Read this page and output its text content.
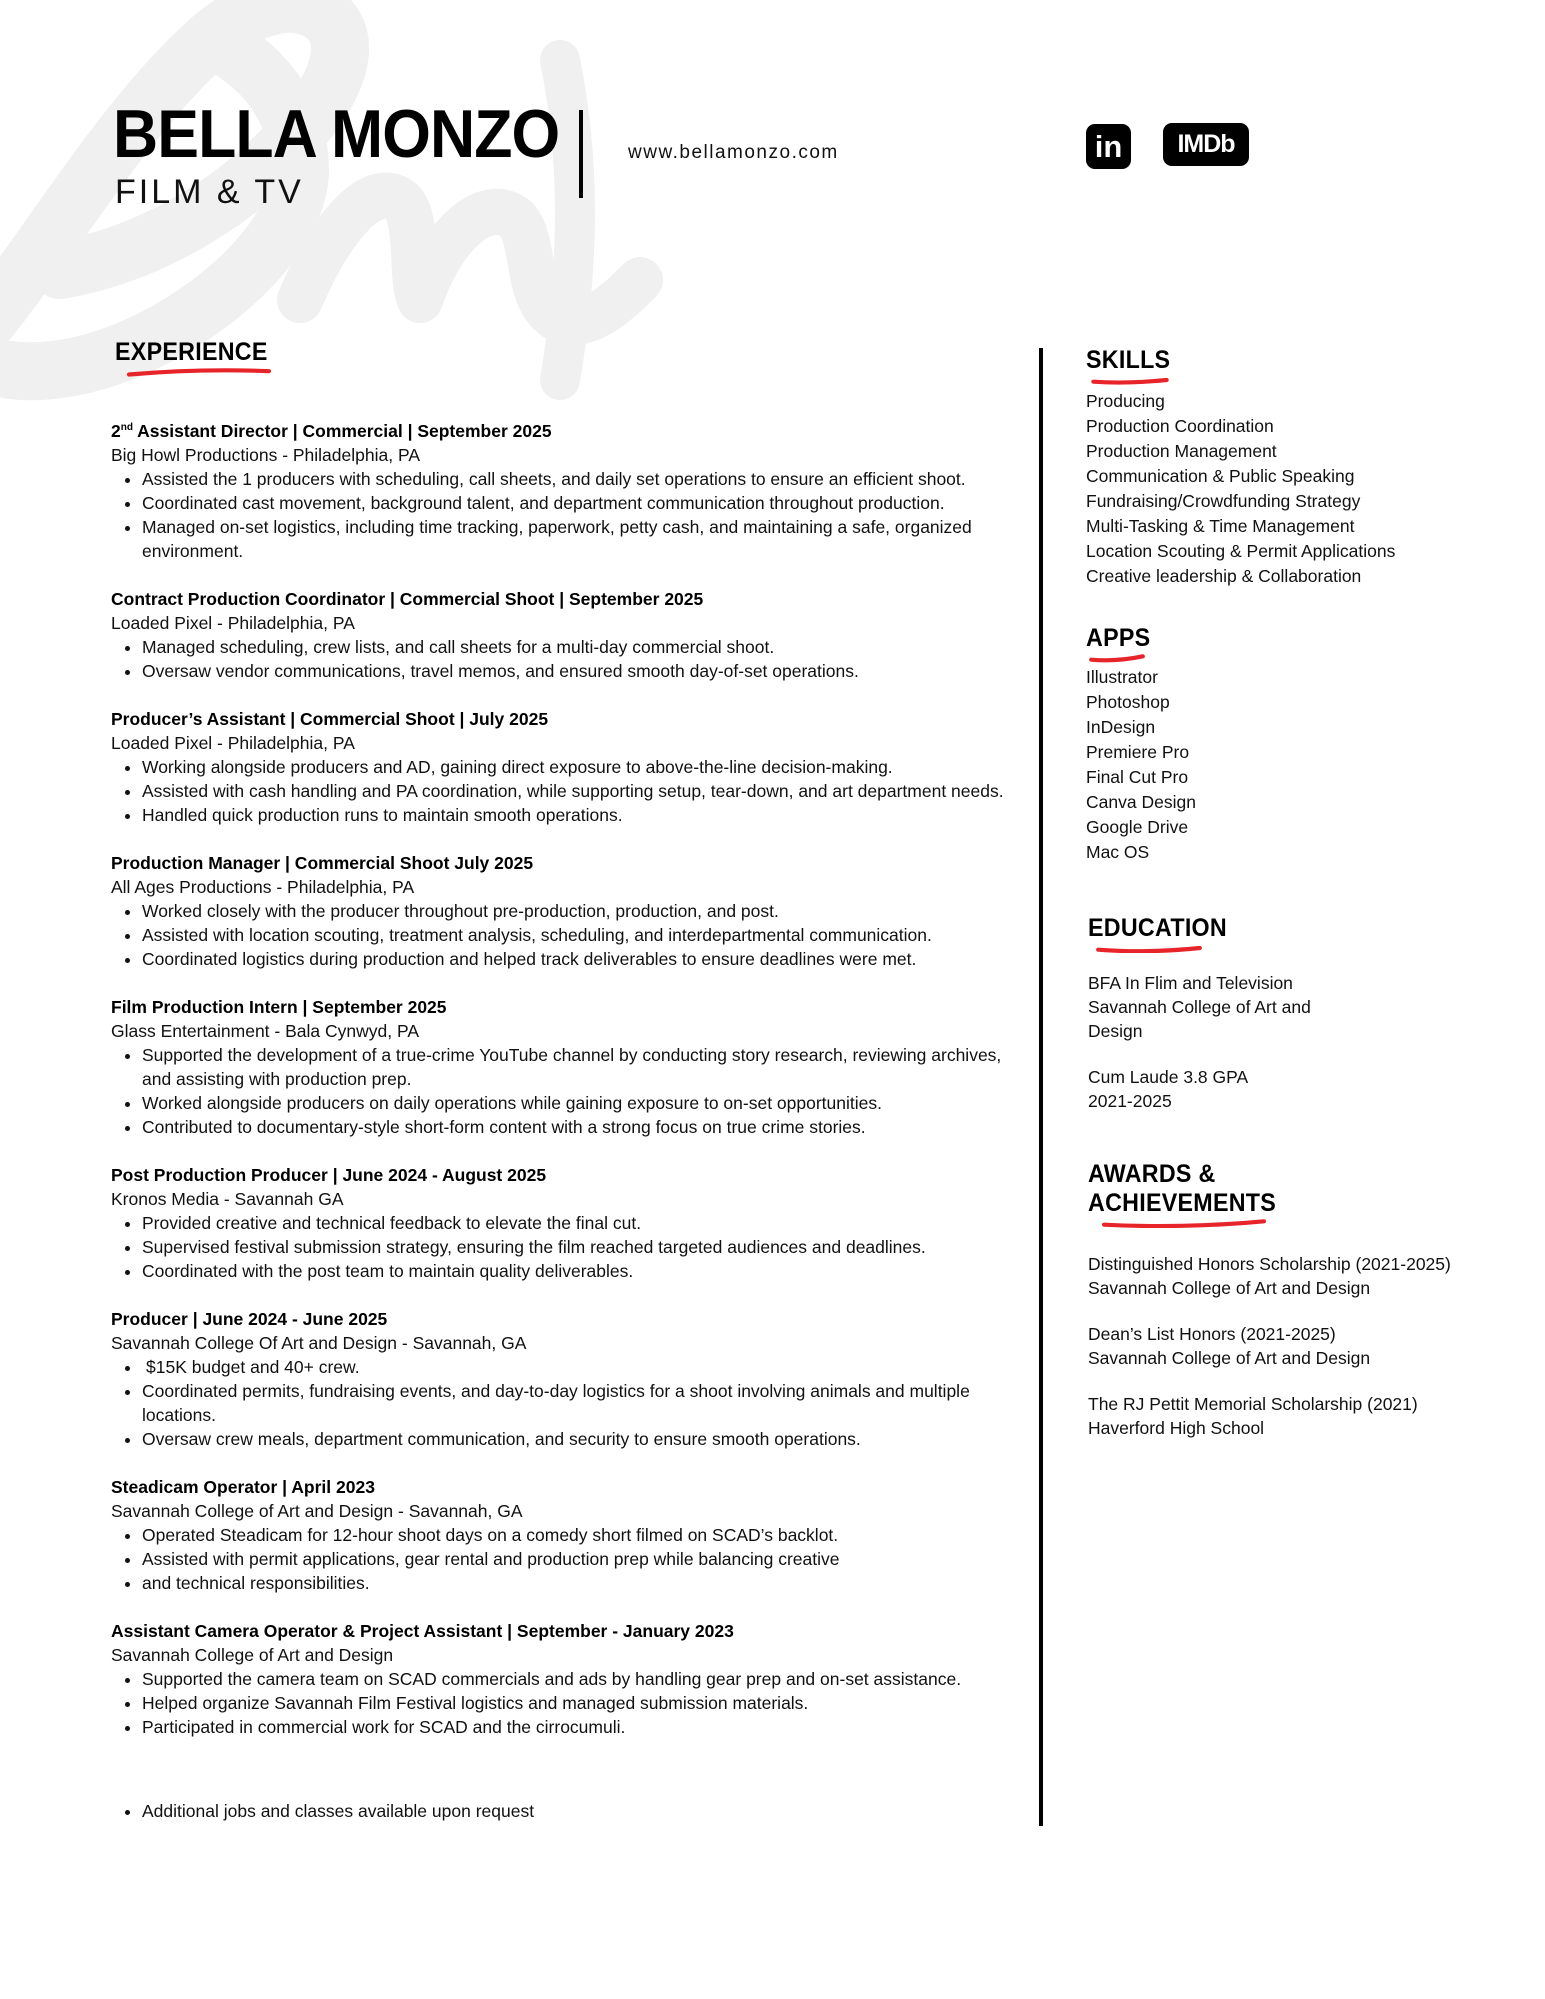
BELLA MONZO
FILM & TV
www.bellamonzo.com	in IMDb
EXPERIENCE
2nd Assistant Director | Commercial | September 2025
Big Howl Productions - Philadelphia, PA
• Assisted the 1 producers with scheduling, call sheets, and daily set operations to ensure an efficient shoot.
• Coordinated cast movement, background talent, and department communication throughout production.
• Managed on-set logistics, including time tracking, paperwork, petty cash, and maintaining a safe, organized environment.
Contract Production Coordinator | Commercial Shoot | September 2025
Loaded Pixel - Philadelphia, PA
• Managed scheduling, crew lists, and call sheets for a multi-day commercial shoot.
• Oversaw vendor communications, travel memos, and ensured smooth day-of-set operations.
Producer’s Assistant | Commercial Shoot | July 2025
Loaded Pixel - Philadelphia, PA
• Working alongside producers and AD, gaining direct exposure to above-the-line decision-making.
• Assisted with cash handling and PA coordination, while supporting setup, tear-down, and art department needs.
• Handled quick production runs to maintain smooth operations.
Production Manager | Commercial Shoot July 2025
All Ages Productions - Philadelphia, PA
• Worked closely with the producer throughout pre-production, production, and post.
• Assisted with location scouting, treatment analysis, scheduling, and interdepartmental communication.
• Coordinated logistics during production and helped track deliverables to ensure deadlines were met.
Film Production Intern | September 2025
Glass Entertainment - Bala Cynwyd, PA
• Supported the development of a true-crime YouTube channel by conducting story research, reviewing archives, and assisting with production prep.
• Worked alongside producers on daily operations while gaining exposure to on-set opportunities.
• Contributed to documentary-style short-form content with a strong focus on true crime stories.
Post Production Producer | June 2024 - August 2025
Kronos Media - Savannah GA
• Provided creative and technical feedback to elevate the final cut.
• Supervised festival submission strategy, ensuring the film reached targeted audiences and deadlines.
• Coordinated with the post team to maintain quality deliverables.
Producer | June 2024 - June 2025
Savannah College Of Art and Design - Savannah, GA
• $15K budget and 40+ crew.
• Coordinated permits, fundraising events, and day-to-day logistics for a shoot involving animals and multiple locations.
• Oversaw crew meals, department communication, and security to ensure smooth operations.
Steadicam Operator | April 2023
Savannah College of Art and Design - Savannah, GA
• Operated Steadicam for 12-hour shoot days on a comedy short filmed on SCAD’s backlot.
• Assisted with permit applications, gear rental and production prep while balancing creative
• and technical responsibilities.
Assistant Camera Operator & Project Assistant | September - January 2023
Savannah College of Art and Design
• Supported the camera team on SCAD commercials and ads by handling gear prep and on-set assistance.
• Helped organize Savannah Film Festival logistics and managed submission materials.
• Participated in commercial work for SCAD and the cirrocumuli.
• Additional jobs and classes available upon request
SKILLS
Producing
Production Coordination
Production Management
Communication & Public Speaking
Fundraising/Crowdfunding Strategy
Multi-Tasking & Time Management
Location Scouting & Permit Applications
Creative leadership & Collaboration
APPS
Illustrator
Photoshop
InDesign
Premiere Pro
Final Cut Pro
Canva Design
Google Drive
Mac OS
EDUCATION
BFA In Flim and Television
Savannah College of Art and
Design
Cum Laude 3.8 GPA
2021-2025
AWARDS &
ACHIEVEMENTS
Distinguished Honors Scholarship (2021-2025)
Savannah College of Art and Design
Dean’s List Honors (2021-2025)
Savannah College of Art and Design
The RJ Pettit Memorial Scholarship (2021)
Haverford High School
